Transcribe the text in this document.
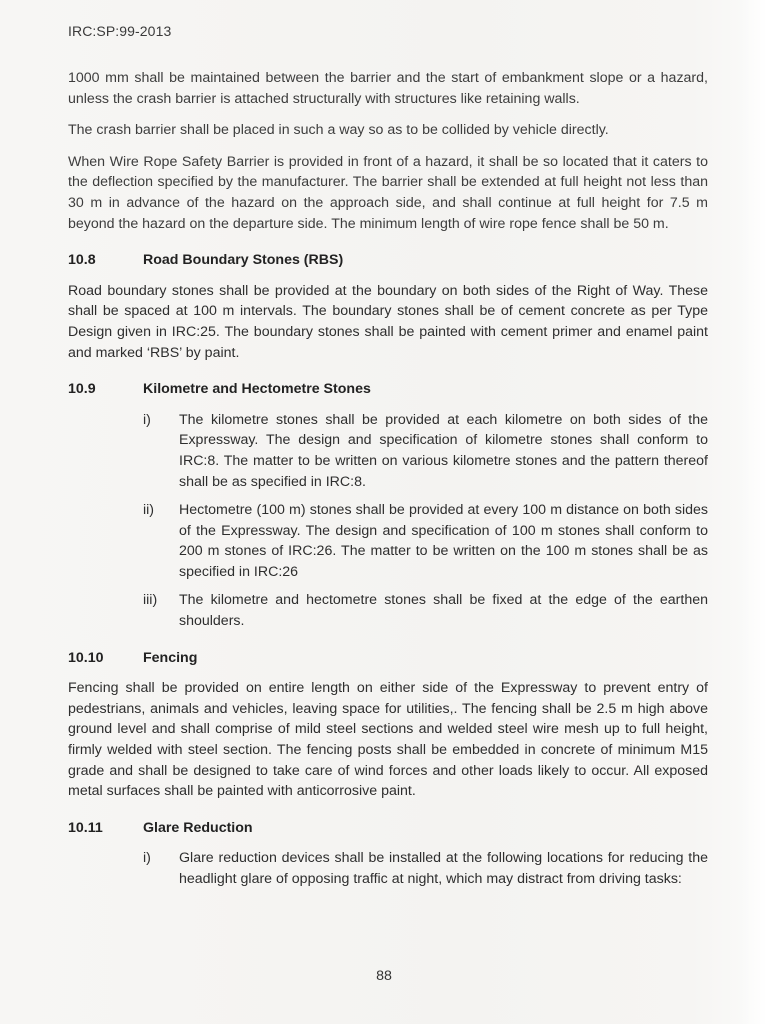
IRC:SP:99-2013

1000 mm shall be maintained between the barrier and the start of embankment slope or a hazard, unless the crash barrier is attached structurally with structures like retaining walls.

The crash barrier shall be placed in such a way so as to be collided by vehicle directly.

When Wire Rope Safety Barrier is provided in front of a hazard, it shall be so located that it caters to the deflection specified by the manufacturer. The barrier shall be extended at full height not less than 30 m in advance of the hazard on the approach side, and shall continue at full height for 7.5 m beyond the hazard on the departure side. The minimum length of wire rope fence shall be 50 m.

10.8	Road Boundary Stones (RBS)

Road boundary stones shall be provided at the boundary on both sides of the Right of Way. These shall be spaced at 100 m intervals. The boundary stones shall be of cement concrete as per Type Design given in IRC:25. The boundary stones shall be painted with cement primer and enamel paint and marked ‘RBS’ by paint.

10.9	Kilometre and Hectometre Stones
i)	The kilometre stones shall be provided at each kilometre on both sides of the Expressway. The design and specification of kilometre stones shall conform to IRC:8. The matter to be written on various kilometre stones and the pattern thereof shall be as specified in IRC:8.
ii)	Hectometre (100 m) stones shall be provided at every 100 m distance on both sides of the Expressway. The design and specification of 100 m stones shall conform to 200 m stones of IRC:26. The matter to be written on the 100 m stones shall be as specified in IRC:26
iii)	The kilometre and hectometre stones shall be fixed at the edge of the earthen shoulders.
10.10	Fencing

Fencing shall be provided on entire length on either side of the Expressway to prevent entry of pedestrians, animals and vehicles, leaving space for utilities,. The fencing shall be 2.5 m high above ground level and shall comprise of mild steel sections and welded steel wire mesh up to full height, firmly welded with steel section. The fencing posts shall be embedded in concrete of minimum M15 grade and shall be designed to take care of wind forces and other loads likely to occur. All exposed metal surfaces shall be painted with anticorrosive paint.

10.11	Glare Reduction
i)	Glare reduction devices shall be installed at the following locations for reducing the headlight glare of opposing traffic at night, which may distract from driving tasks:
88
